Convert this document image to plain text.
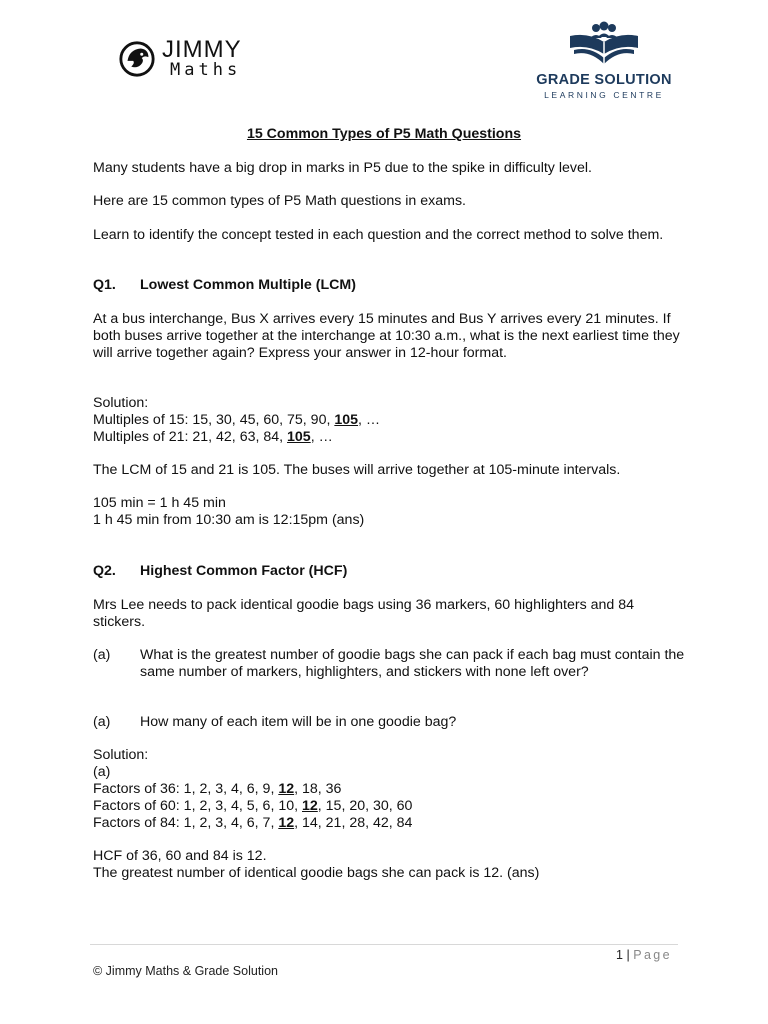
JIMMY
Maths	GRADE SOLUTION
LEARNING CENTRE
15 Common Types of P5 Math Questions
Many students have a big drop in marks in P5 due to the spike in difficulty level.
Here are 15 common types of P5 Math questions in exams.
Learn to identify the concept tested in each question and the correct method to solve them.
Q1. Lowest Common Multiple (LCM)
At a bus interchange, Bus X arrives every 15 minutes and Bus Y arrives every 21 minutes. If both buses arrive together at the interchange at 10:30 a.m., what is the next earliest time they will arrive together again? Express your answer in 12-hour format.
Solution:
Multiples of 15: 15, 30, 45, 60, 75, 90, 105, …
Multiples of 21: 21, 42, 63, 84, 105, …
The LCM of 15 and 21 is 105. The buses will arrive together at 105-minute intervals.
105 min = 1 h 45 min
1 h 45 min from 10:30 am is 12:15pm (ans)
Q2. Highest Common Factor (HCF)
Mrs Lee needs to pack identical goodie bags using 36 markers, 60 highlighters and 84 stickers.
(a) What is the greatest number of goodie bags she can pack if each bag must contain the same number of markers, highlighters, and stickers with none left over?
(a) How many of each item will be in one goodie bag?
Solution:
(a)
Factors of 36: 1, 2, 3, 4, 6, 9, 12, 18, 36
Factors of 60: 1, 2, 3, 4, 5, 6, 10, 12, 15, 20, 30, 60
Factors of 84: 1, 2, 3, 4, 6, 7, 12, 14, 21, 28, 42, 84
HCF of 36, 60 and 84 is 12.
The greatest number of identical goodie bags she can pack is 12. (ans)
1 | Page
© Jimmy Maths & Grade Solution
